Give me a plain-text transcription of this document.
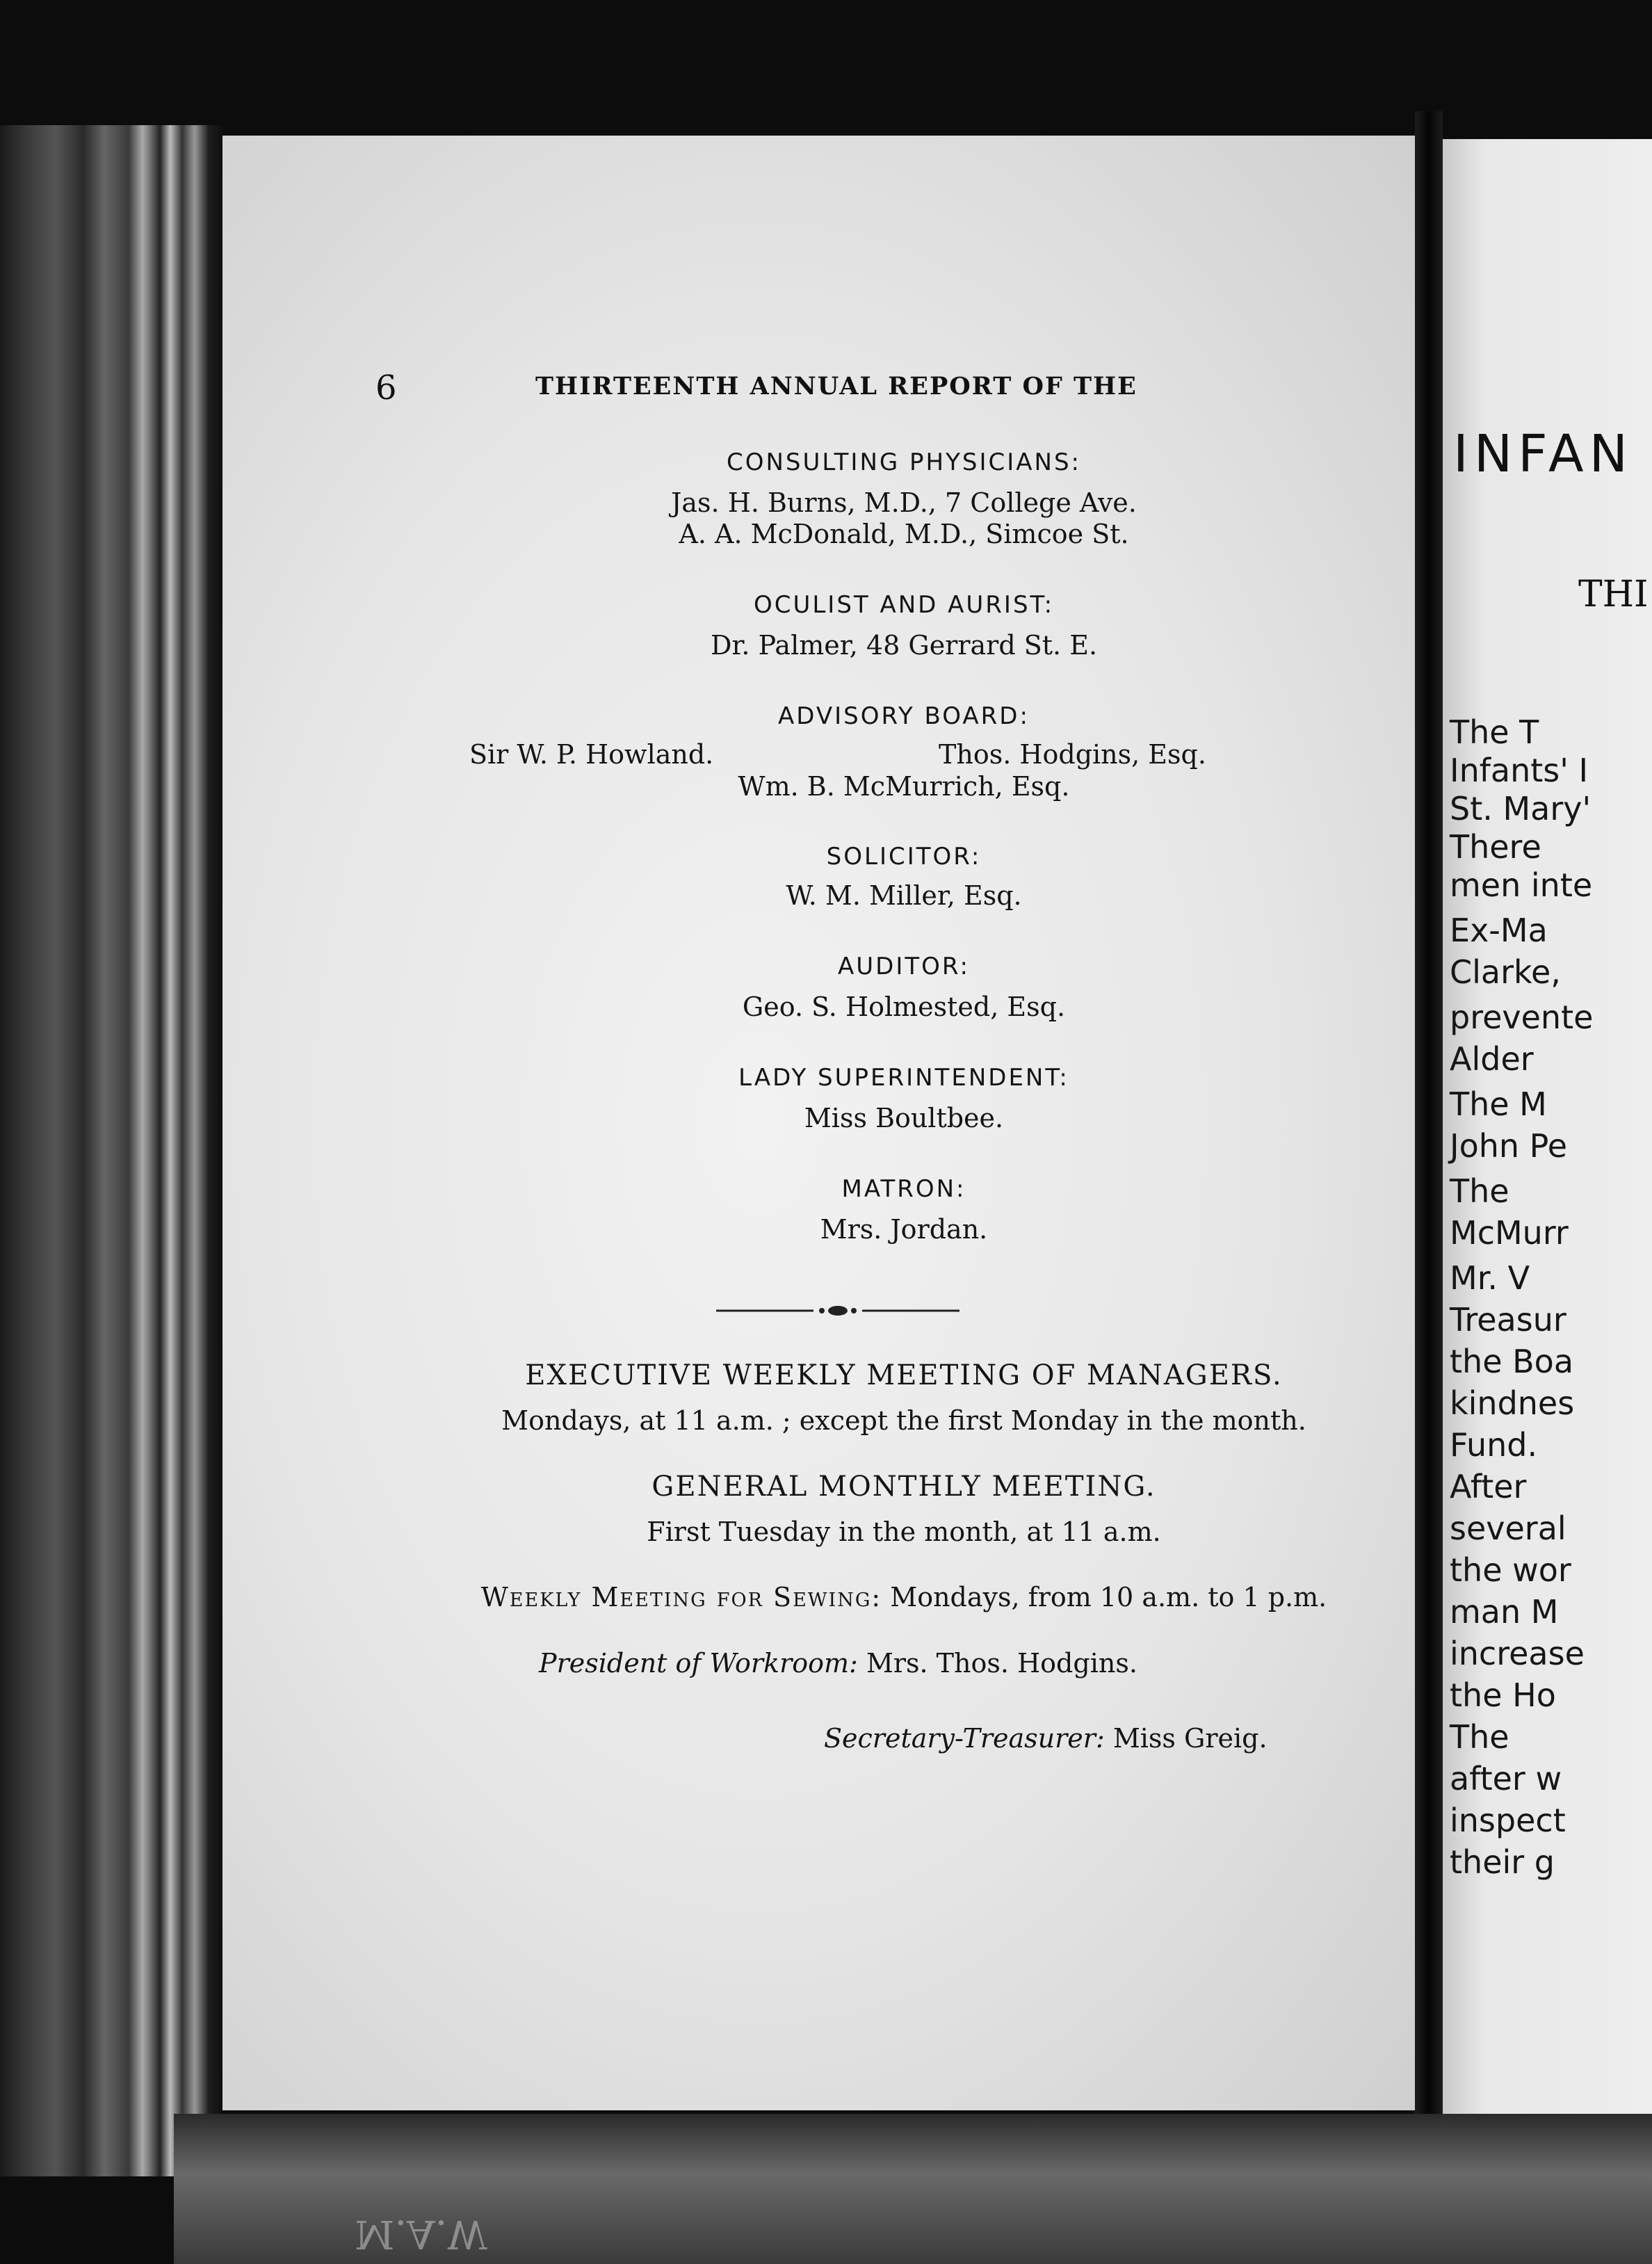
M.A.W
6	THIRTEENTH ANNUAL REPORT OF THE
CONSULTING PHYSICIANS:
Jas. H. Burns, M.D., 7 College Ave.
A. A. McDonald, M.D., Simcoe St.
OCULIST AND AURIST:
Dr. Palmer, 48 Gerrard St. E.
ADVISORY BOARD:
Sir W. P. Howland.	Thos. Hodgins, Esq.
Wm. B. McMurrich, Esq.
SOLICITOR:
W. M. Miller, Esq.
AUDITOR:
Geo. S. Holmested, Esq.
LADY SUPERINTENDENT:
Miss Boultbee.
MATRON:
Mrs. Jordan.
EXECUTIVE WEEKLY MEETING OF MANAGERS.
Mondays, at 11 a.m. ; except the first Monday in the month.
GENERAL MONTHLY MEETING.
First Tuesday in the month, at 11 a.m.
Weekly Meeting for Sewing: Mondays, from 10 a.m. to 1 p.m.
President of Workroom: Mrs. Thos. Hodgins.
Secretary-Treasurer: Miss Greig.
INFAN
THI
The T
Infants' I
St. Mary'
There
men inte
Ex-Ma
Clarke,
prevente
Alder
The M
John Pe
The
McMurr
Mr. V
Treasur
the Boa
kindnes
Fund.
After
several
the wor
man M
increase
the Ho
The
after w
inspect
their g
